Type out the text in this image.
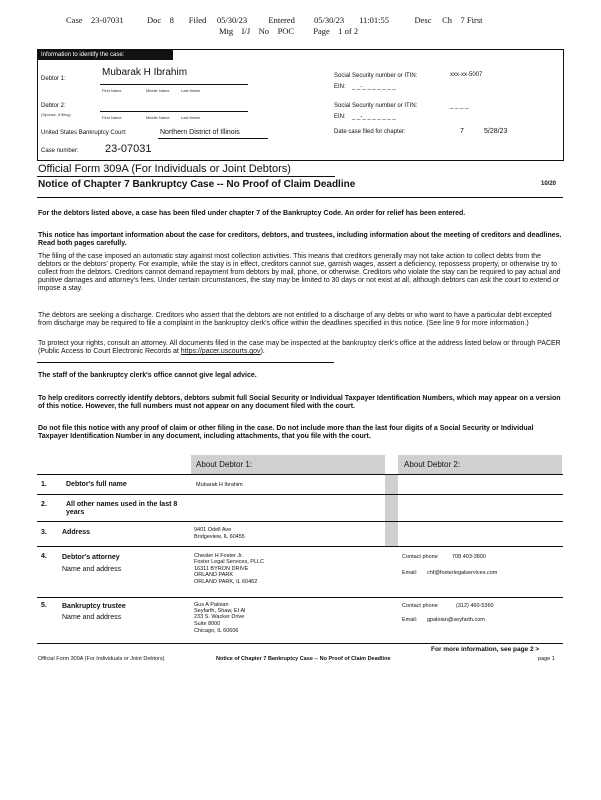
Case 23-07031	Doc 8 Filed 05/30/23	Entered 05/30/23 11:01:55	Desc Ch 7 First
Mtg I/J No POC Page 1 of 2
Information to identify the case:
Debtor 1:
Mubarak H Ibrahim
First Name	Middle Name	Last Name
Debtor 2:
(Spouse, if filing)
First Name	Middle Name	Last Name
Social Security number or ITIN:	xxx-xx-5007
EIN: _ _-_ _ _ _ _ _ _
Social Security number or ITIN:	_ _ _ _
EIN: _ _-_ _ _ _ _ _ _
United States Bankruptcy Court:	Northern District of Illinois	Date case filed for chapter:	7	5/28/23
Case number: 23-07031
Official Form 309A (For Individuals or Joint Debtors)
Notice of Chapter 7 Bankruptcy Case -- No Proof of Claim Deadline	10/20
For the debtors listed above, a case has been filed under chapter 7 of the Bankruptcy Code. An order for relief has been entered.
This notice has important information about the case for creditors, debtors, and trustees, including information about the meeting of creditors and deadlines. Read both pages carefully.
The filing of the case imposed an automatic stay against most collection activities. This means that creditors generally may not take action to collect debts from the debtors or the debtors' property. For example, while the stay is in effect, creditors cannot sue, garnish wages, assert a deficiency, repossess property, or otherwise try to collect from the debtors. Creditors cannot demand repayment from debtors by mail, phone, or otherwise. Creditors who violate the stay can be required to pay actual and punitive damages and attorney's fees. Under certain circumstances, the stay may be limited to 30 days or not exist at all, although debtors can ask the court to extend or impose a stay.
The debtors are seeking a discharge. Creditors who assert that the debtors are not entitled to a discharge of any debts or who want to have a particular debt excepted from discharge may be required to file a complaint in the bankruptcy clerk's office within the deadlines specified in this notice. (See line 9 for more information.)
To protect your rights, consult an attorney. All documents filed in the case may be inspected at the bankruptcy clerk's office at the address listed below or through PACER (Public Access to Court Electronic Records at https://pacer.uscourts.gov).
The staff of the bankruptcy clerk's office cannot give legal advice.
To help creditors correctly identify debtors, debtors submit full Social Security or Individual Taxpayer Identification Numbers, which may appear on a version of this notice. However, the full numbers must not appear on any document filed with the court.
Do not file this notice with any proof of claim or other filing in the case. Do not include more than the last four digits of a Social Security or Individual Taxpayer Identification Number in any document, including attachments, that you file with the court.
About Debtor 1:	About Debtor 2:
1.	Debtor's full name	Mubarak H Ibrahim
2.	All other names used in the last 8 years
3. Address	9401 Odell Ave
Bridgeview, IL 60455
4. Debtor's attorney
Name and address
Chester H Foster Jr.
Foster Legal Services, PLLC
16311 BYRON DRIVE
ORLAND PARK
ORLAND PARK, IL 60462
Contact phone	708 403-3800
Email: chf@fosterlegalservices.com
5. Bankruptcy trustee
Name and address
Gus A Paloian
Seyfarth, Shaw, Et Al
233 S. Wacker Drive
Suite 8000
Chicago, IL 60606
Contact phone	(312) 460-5360
Email: gpaloian@seyfarth.com
For more information, see page 2 >
Official Form 309A (For Individuals or Joint Debtors)	Notice of Chapter 7 Bankruptcy Case -- No Proof of Claim Deadline	page 1
